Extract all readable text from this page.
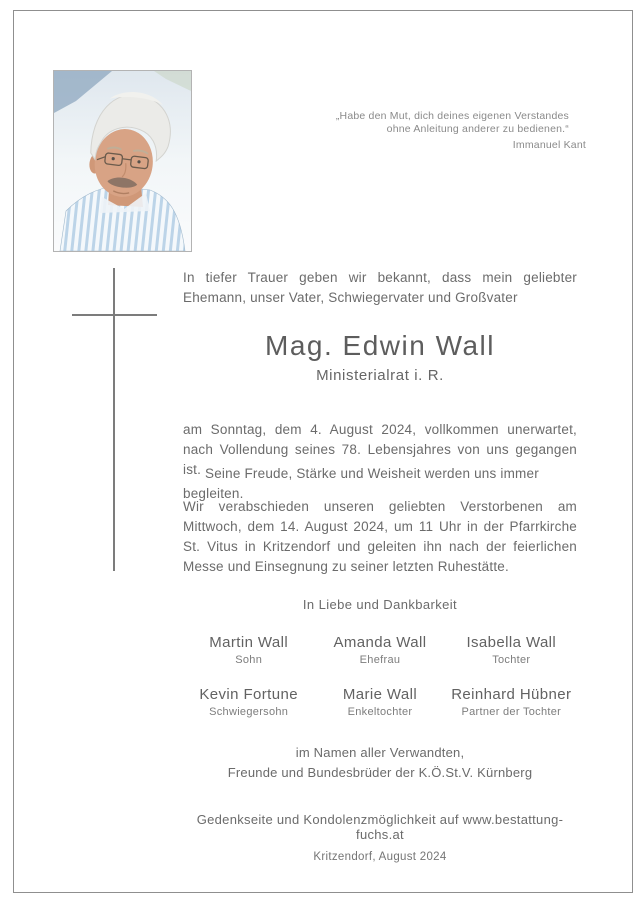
„Habe den Mut, dich deines eigenen Verstandes
ohne Anleitung anderer zu bedienen.“
Immanuel Kant

In tiefer Trauer geben wir bekannt, dass mein geliebter Ehemann, unser Vater, Schwiegervater und Großvater

Mag. Edwin Wall
Ministerialrat i. R.

am Sonntag, dem 4. August 2024, vollkommen unerwartet, nach Vollendung seines 78. Lebensjahres von uns gegangen ist. Seine Freude, Stärke und Weisheit werden uns immer begleiten.

Wir verabschieden unseren geliebten Verstorbenen am Mittwoch, dem 14. August 2024, um 11 Uhr in der Pfarrkirche St. Vitus in Kritzendorf und geleiten ihn nach der feierlichen Messe und Einsegnung zu seiner letzten Ruhestätte.

In Liebe und Dankbarkeit
Martin Wall
Sohn
Amanda Wall
Ehefrau
Isabella Wall
Tochter
Kevin Fortune
Schwiegersohn
Marie Wall
Enkeltochter
Reinhard Hübner
Partner der Tochter
im Namen aller Verwandten,
Freunde und Bundesbrüder der K.Ö.St.V. Kürnberg
Gedenkseite und Kondolenzmöglichkeit auf www.bestattung-fuchs.at
Kritzendorf, August 2024
